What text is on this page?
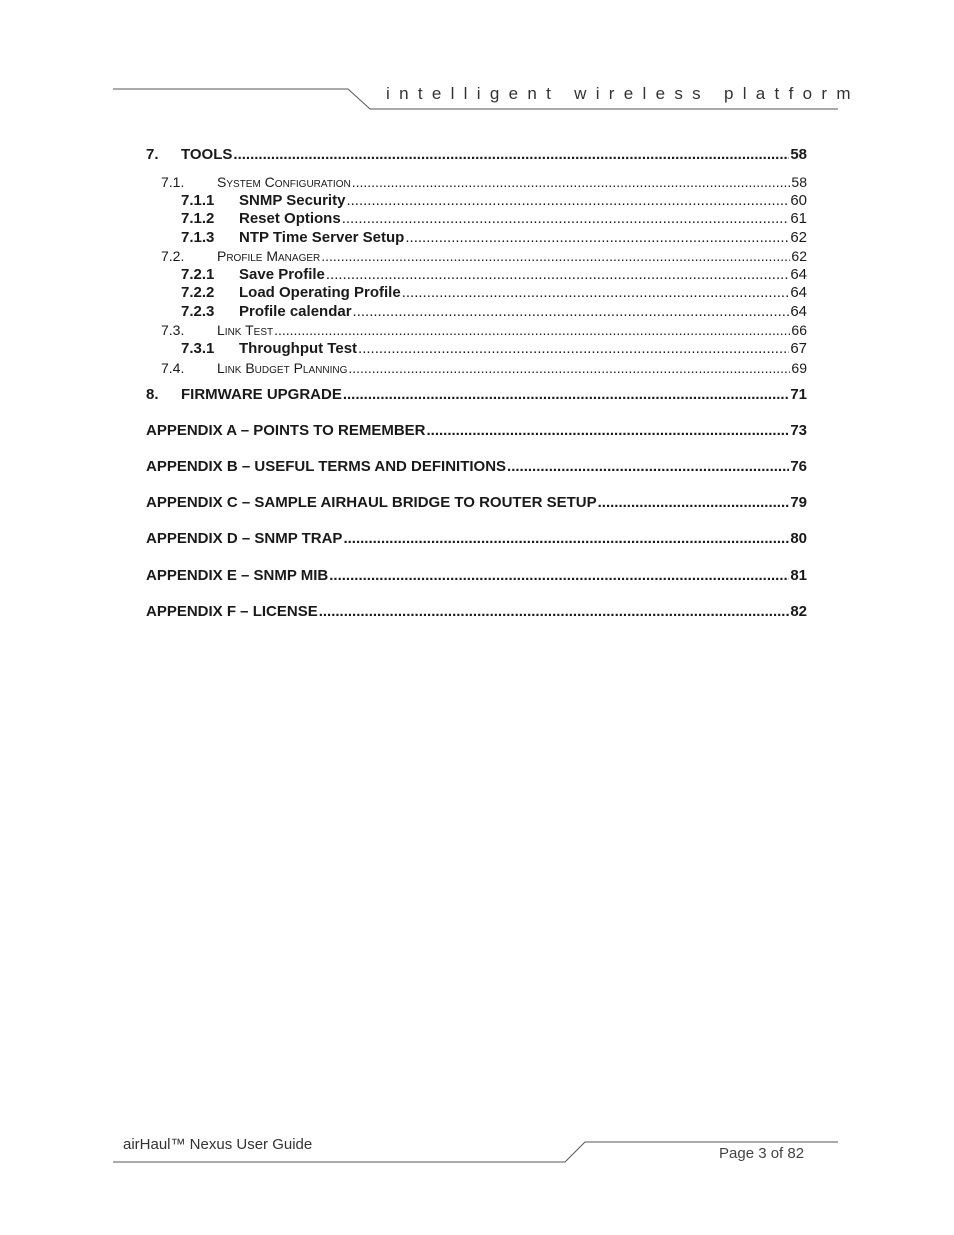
intelligent wireless platform
7.	TOOLS .....	58
7.1.	System Configuration .....	58
7.1.1	SNMP Security .....	60
7.1.2	Reset Options .....	61
7.1.3	NTP Time Server Setup .....	62
7.2.	Profile Manager .....	62
7.2.1	Save Profile .....	64
7.2.2	Load Operating Profile .....	64
7.2.3	Profile calendar .....	64
7.3.	Link Test .....	66
7.3.1	Throughput Test .....	67
7.4.	Link Budget Planning .....	69
8.	FIRMWARE UPGRADE .....	71
APPENDIX A – POINTS TO REMEMBER .....	73
APPENDIX B – USEFUL TERMS AND DEFINITIONS .....	76
APPENDIX C – SAMPLE AIRHAUL BRIDGE TO ROUTER SETUP .....	79
APPENDIX D – SNMP TRAP .....	80
APPENDIX E – SNMP MIB .....	81
APPENDIX F – LICENSE .....	82
airHaul™ Nexus User Guide
Page 3 of 82
